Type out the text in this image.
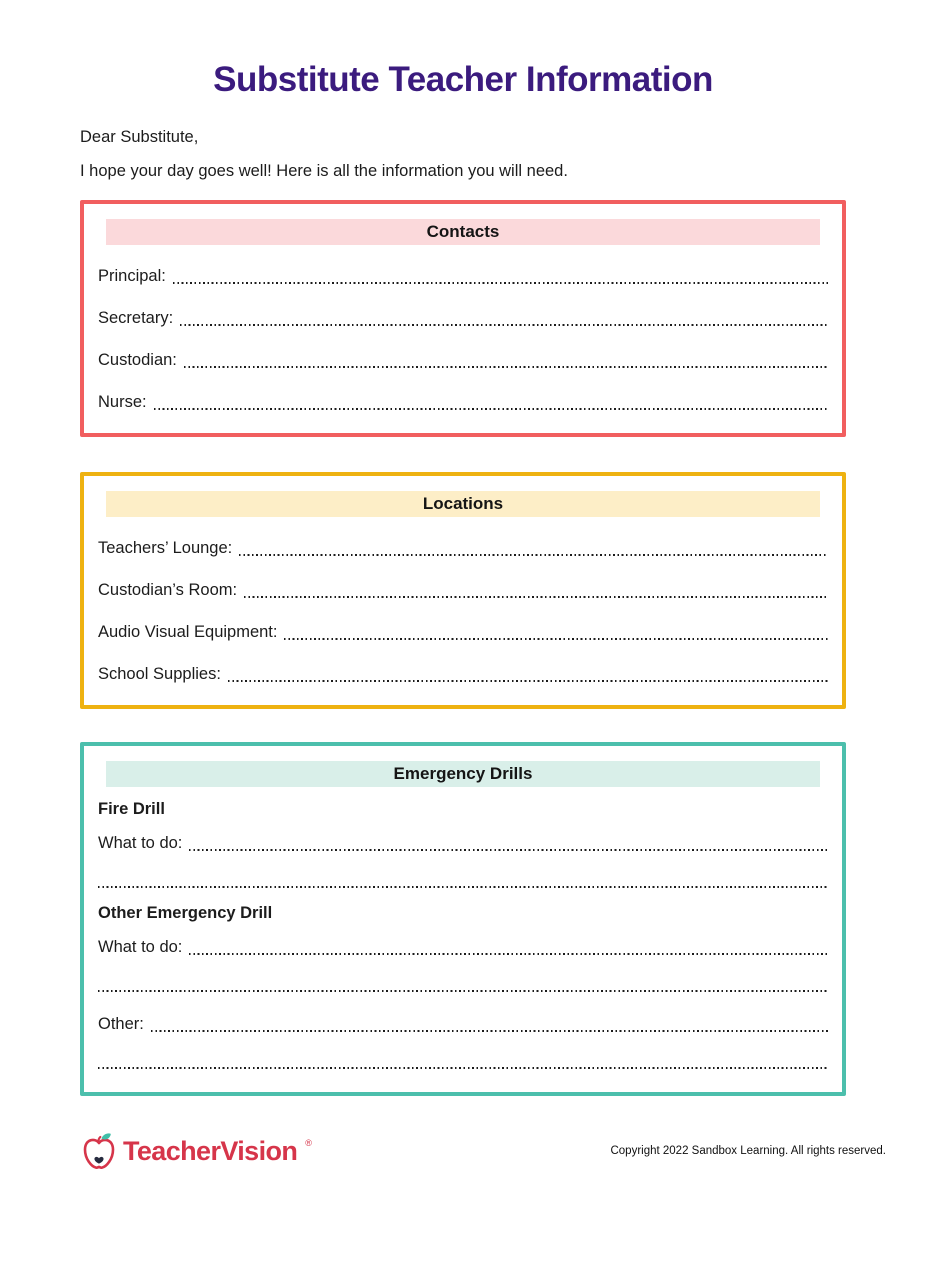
Substitute Teacher Information

Dear Substitute,

I hope your day goes well! Here is all the information you will need.

Contacts
Principal:
Secretary:
Custodian:
Nurse:
Locations
Teachers’ Lounge:
Custodian’s Room:
Audio Visual Equipment:
School Supplies:
Emergency Drills
Fire Drill
What to do:
Other Emergency Drill
What to do:
Other:
TeacherVision ®
Copyright 2022 Sandbox Learning. All rights reserved.
